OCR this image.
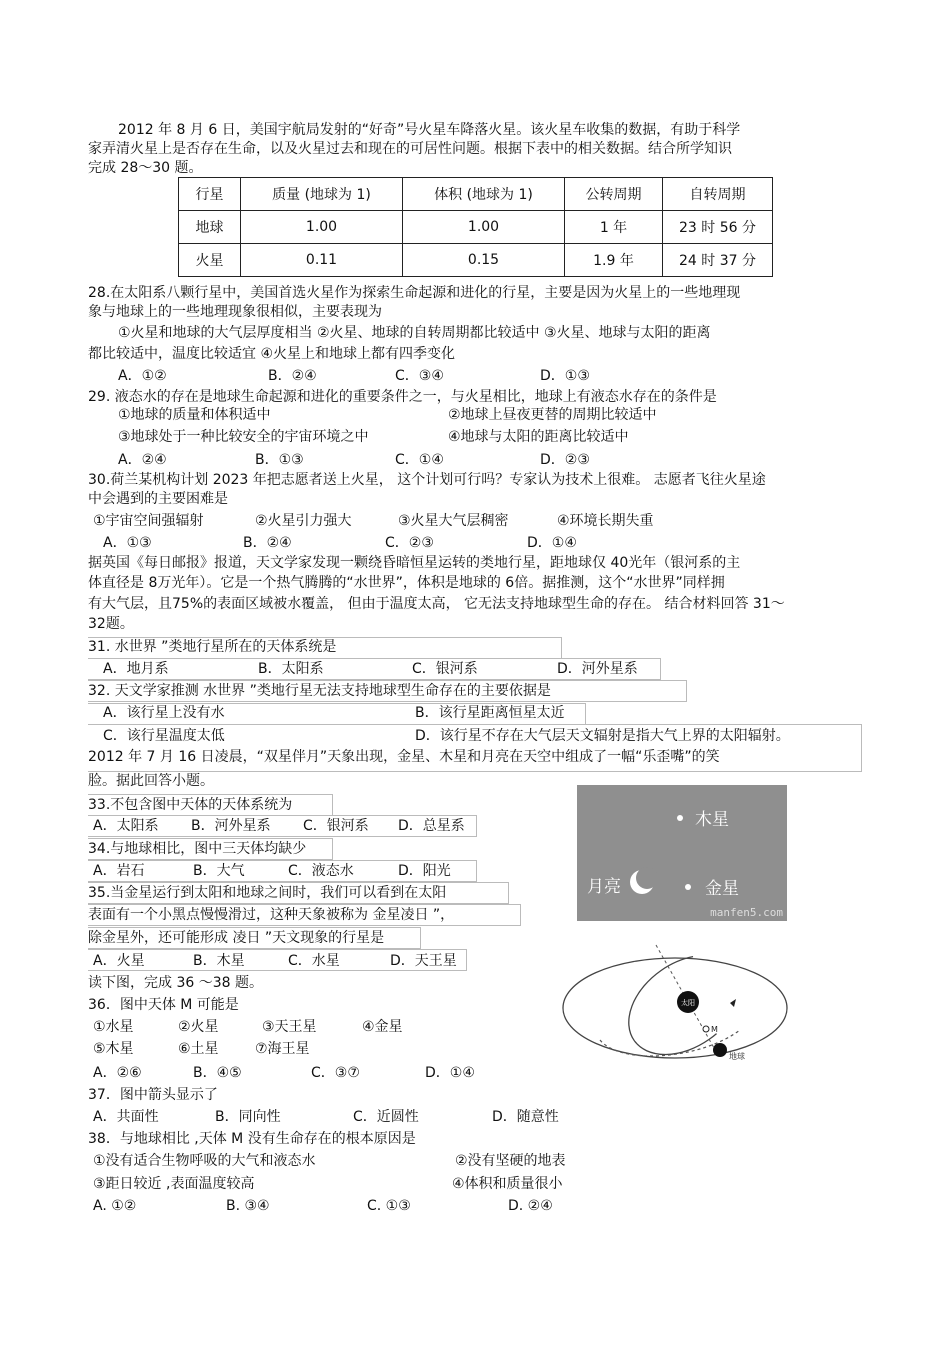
2012 年 8 月 6 日，美国宇航局发射的“好奇”号火星车降落火星。该火星车收集的数据，有助于科学
家弄清火星上是否存在生命，以及火星过去和现在的可居性问题。根据下表中的相关数据。结合所学知识
完成 28～30 题。
行星	质量 (地球为 1)	体积 (地球为 1)	公转周期	自转周期
地球	1.00	1.00	1 年	23 时 56 分
火星	0.11	0.15	1.9 年	24 时 37 分
28.在太阳系八颗行星中，美国首选火星作为探索生命起源和进化的行星，主要是因为火星上的一些地理现
象与地球上的一些地理现象很相似，主要表现为
①火星和地球的大气层厚度相当 ②火星、地球的自转周期都比较适中 ③火星、地球与太阳的距离
都比较适中，温度比较适宜 ④火星上和地球上都有四季变化
A．①②	B．②④	C．③④	D．①③
29. 液态水的存在是地球生命起源和进化的重要条件之一，与火星相比，地球上有液态水存在的条件是
①地球的质量和体积适中	②地球上昼夜更替的周期比较适中
③地球处于一种比较安全的宇宙环境之中	④地球与太阳的距离比较适中
A．②④	B．①③	C．①④	D．②③
30.荷兰某机构计划 2023 年把志愿者送上火星， 这个计划可行吗？专家认为技术上很难。 志愿者飞往火星途
中会遇到的主要困难是
①宇宙空间强辐射	②火星引力强大	③火星大气层稠密	④环境长期失重
A．①③	B．②④	C．②③	D．①④
据英国《每日邮报》报道，天文学家发现一颗绕昏暗恒星运转的类地行星，距地球仅 40光年（银河系的主
体直径是 8万光年）。它是一个热气腾腾的“水世界”，体积是地球的 6倍。据推测，这个“水世界”同样拥
有大气层，且75%的表面区域被水覆盖， 但由于温度太高， 它无法支持地球型生命的存在。 结合材料回答 31～
32题。
31. 水世界 ”类地行星所在的天体系统是
A．地月系	B．太阳系	C．银河系	D．河外星系
32. 天文学家推测 水世界 ”类地行星无法支持地球型生命存在的主要依据是
A．该行星上没有水	B．该行星距离恒星太近
C．该行星温度太低	D．该行星不存在大气层天文辐射是指大气上界的太阳辐射。
2012 年 7 月 16 日凌晨，“双星伴月”天象出现，金星、木星和月亮在天空中组成了一幅“乐歪嘴”的笑
脸。据此回答小题。
木星
月亮	金星
manfen5.com
33.不包含图中天体的天体系统为
A．太阳系 B．河外星系 C．银河系 D．总星系
34.与地球相比，图中三天体均缺少
A．岩石	B．大气	C．液态水	D．阳光
35.当金星运行到太阳和地球之间时，我们可以看到在太阳
表面有一个小黑点慢慢滑过，这种天象被称为 金星凌日 ”，
除金星外，还可能形成 凌日 ”天文现象的行星是
A．火星	B．木星	C．水星	D．天王星
太阳
M
地球
读下图，完成 36 ～38 题。
36．图中天体 M 可能是
①水星	②火星	③天王星	④金星
⑤木星	⑥土星	⑦海王星
A．②⑥	B．④⑤	C．③⑦	D．①④
37．图中箭头显示了
A．共面性	B．同向性	C．近圆性	D．随意性
38．与地球相比 ,天体 M 没有生命存在的根本原因是
①没有适合生物呼吸的大气和液态水	②没有坚硬的地表
③距日较近 ,表面温度较高	④体积和质量很小
A. ①②	B. ③④	C. ①③	D. ②④
